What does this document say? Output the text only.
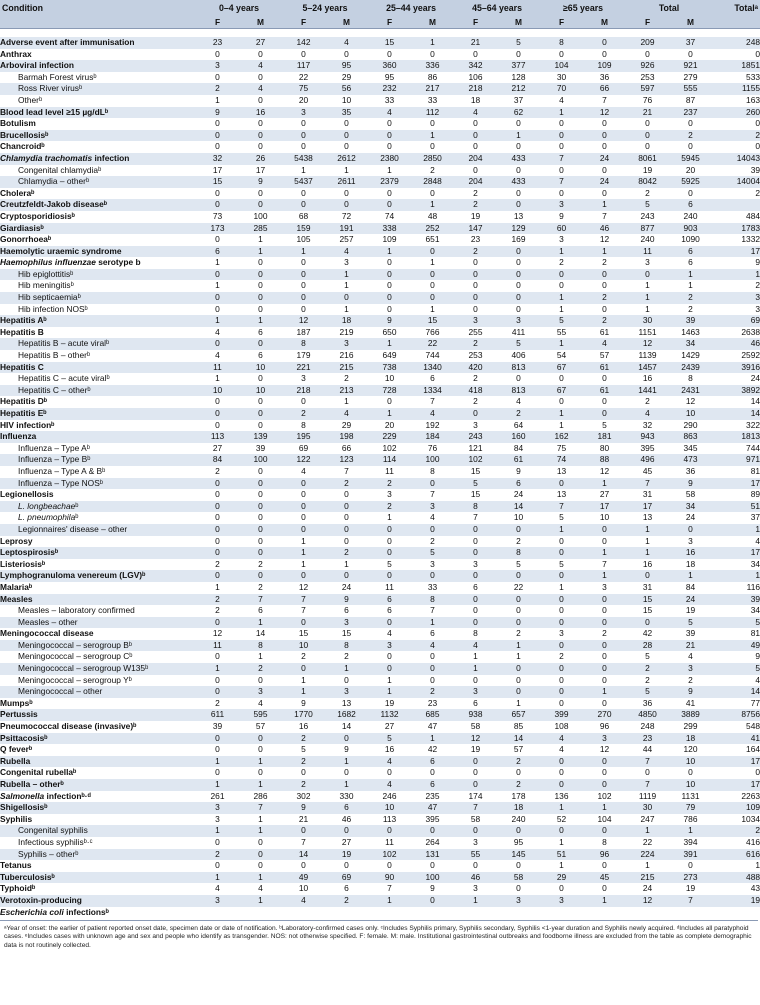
Condition	0–4 years		5–24 years		25–44 years		45–64 years		≥65 years		Total		Totalᵃ
	F	M	F	M	F	M	F	M	F	M	F	M	

Adverse event after immunisation	23	27	142	4	15	1	21	5	8	0	209	37	248
Anthrax	0	0	0	0	0	0	0	0	0	0	0	0	0
Arboviral infection	3	4	117	95	360	336	342	377	104	109	926	921	1851
Barmah Forest virusᵇ	0	0	22	29	95	86	106	128	30	36	253	279	533
Ross River virusᵇ	2	4	75	56	232	217	218	212	70	66	597	555	1155
Otherᵇ	1	0	20	10	33	33	18	37	4	7	76	87	163
Blood lead level ≥15 µg/dLᵇ	9	16	3	35	4	112	4	62	1	12	21	237	260
Botulism	0	0	0	0	0	0	0	0	0	0	0	0	0
Brucellosisᵇ	0	0	0	0	0	1	0	1	0	0	0	2	2
Chancroidᵇ	0	0	0	0	0	0	0	0	0	0	0	0	0
Chlamydia trachomatis infection	32	26	5438	2612	2380	2850	204	433	7	24	8061	5945	14043
Congenital chlamydiaᵇ	17	17	1	1	1	2	0	0	0	0	19	20	39
Chlamydia – otherᵇ	15	9	5437	2611	2379	2848	204	433	7	24	8042	5925	14004
Choleraᵇ	0	0	0	0	0	0	2	0	0	0	2	0	2
Creutzfeldt-Jakob diseaseᵇ	0	0	0	0	0	1	2	0	3	1	5	6	
Cryptosporidiosisᵇ	73	100	68	72	74	48	19	13	9	7	243	240	484
Giardiasisᵇ	173	285	159	191	338	252	147	129	60	46	877	903	1783
Gonorrhoeaᵇ	0	1	105	257	109	651	23	169	3	12	240	1090	1332
Haemolytic uraemic syndrome	6	1	1	4	1	0	2	0	1	1	11	6	17
Haemophilus influenzae serotype b	1	0	0	3	0	1	0	0	2	2	3	6	9
Hib epiglottitisᵇ	0	0	0	1	0	0	0	0	0	0	0	1	1
Hib meningitisᵇ	1	0	0	1	0	0	0	0	0	0	1	1	2
Hib septicaemiaᵇ	0	0	0	0	0	0	0	0	1	2	1	2	3
Hib infection NOSᵇ	0	0	0	1	0	1	0	0	1	0	1	2	3
Hepatitis Aᵇ	1	1	12	18	9	15	3	3	5	2	30	39	69
Hepatitis B	4	6	187	219	650	766	255	411	55	61	1151	1463	2638
Hepatitis B – acute viralᵇ	0	0	8	3	1	22	2	5	1	4	12	34	46
Hepatitis B – otherᵇ	4	6	179	216	649	744	253	406	54	57	1139	1429	2592
Hepatitis C	11	10	221	215	738	1340	420	813	67	61	1457	2439	3916
Hepatitis C – acute viralᵇ	1	0	3	2	10	6	2	0	0	0	16	8	24
Hepatitis C – otherᵇ	10	10	218	213	728	1334	418	813	67	61	1441	2431	3892
Hepatitis Dᵇ	0	0	0	1	0	7	2	4	0	0	2	12	14
Hepatitis Eᵇ	0	0	2	4	1	4	0	2	1	0	4	10	14
HIV infectionᵇ	0	0	8	29	20	192	3	64	1	5	32	290	322
Influenza	113	139	195	198	229	184	243	160	162	181	943	863	1813
Influenza – Type Aᵇ	27	39	69	66	102	76	121	84	75	80	395	345	744
Influenza – Type Bᵇ	84	100	122	123	114	100	102	61	74	88	496	473	971
Influenza – Type A & Bᵇ	2	0	4	7	11	8	15	9	13	12	45	36	81
Influenza – Type NOSᵇ	0	0	0	2	2	0	5	6	0	1	7	9	17
Legionellosis	0	0	0	0	3	7	15	24	13	27	31	58	89
L. longbeachaeᵇ	0	0	0	0	2	3	8	14	7	17	17	34	51
L. pneumophilaᵇ	0	0	0	0	1	4	7	10	5	10	13	24	37
Legionnaires' disease – other	0	0	0	0	0	0	0	0	1	0	1	0	1
Leprosy	0	0	1	0	0	2	0	2	0	0	1	3	4
Leptospirosisᵇ	0	0	1	2	0	5	0	8	0	1	1	16	17
Listeriosisᵇ	2	2	1	1	5	3	3	5	5	7	16	18	34
Lymphogranuloma venereum (LGV)ᵇ	0	0	0	0	0	0	0	0	0	1	0	1	1
Malariaᵇ	1	2	12	24	11	33	6	22	1	3	31	84	116
Measles	2	7	7	9	6	8	0	0	0	0	15	24	39
Measles – laboratory confirmed	2	6	7	6	6	7	0	0	0	0	15	19	34
Measles – other	0	1	0	3	0	1	0	0	0	0	0	5	5
Meningococcal disease	12	14	15	15	4	6	8	2	3	2	42	39	81
Meningococcal – serogroup Bᵇ	11	8	10	8	3	4	4	1	0	0	28	21	49
Meningococcal – serogroup Cᵇ	0	1	2	2	0	0	1	1	2	0	5	4	9
Meningococcal – serogroup W135ᵇ	1	2	0	1	0	0	1	0	0	0	2	3	5
Meningococcal – serogroup Yᵇ	0	0	1	0	1	0	0	0	0	0	2	2	4
Meningococcal – other	0	3	1	3	1	2	3	0	0	1	5	9	14
Mumpsᵇ	2	4	9	13	19	23	6	1	0	0	36	41	77
Pertussis	611	595	1770	1682	1132	685	938	657	399	270	4850	3889	8756
Pneumococcal disease (invasive)ᵇ	39	57	16	14	27	47	58	85	108	96	248	299	548
Psittacosisᵇ	0	0	2	0	5	1	12	14	4	3	23	18	41
Q feverᵇ	0	0	5	9	16	42	19	57	4	12	44	120	164
Rubella	1	1	2	1	4	6	0	2	0	0	7	10	17
Congenital rubellaᵇ	0	0	0	0	0	0	0	0	0	0	0	0	0
Rubella – otherᵇ	1	1	2	1	4	6	0	2	0	0	7	10	17
Salmonella infectionᵇ·ᵈ	261	286	302	330	246	235	174	178	136	102	1119	1131	2263
Shigellosisᵇ	3	7	9	6	10	47	7	18	1	1	30	79	109
Syphilis	3	1	21	46	113	395	58	240	52	104	247	786	1034
Congenital syphilis	1	1	0	0	0	0	0	0	0	0	1	1	2
Infectious syphilisᵇ·ᶜ	0	0	7	27	11	264	3	95	1	8	22	394	416
Syphilis – otherᵇ	2	0	14	19	102	131	55	145	51	96	224	391	616
Tetanus	0	0	0	0	0	0	0	0	1	0	1	0	1
Tuberculosisᵇ	1	1	49	69	90	100	46	58	29	45	215	273	488
Typhoidᵇ	4	4	10	6	7	9	3	0	0	0	24	19	43
Verotoxin-producing	3	1	4	2	1	0	1	3	3	1	12	7	19
Escherichia coli infectionsᵇ													
ᵃYear of onset: the earlier of patient reported onset date, specimen date or date of notification. ᵇLaboratory-confirmed cases only. ᶜIncludes Syphilis primary, Syphilis secondary, Syphilis <1-year duration and Syphilis newly acquired. ᵈIncludes all paratyphoid cases. ᵉIncludes cases with unknown age and sex and people who identify as transgender. NOS: not otherwise specified. F: female. M: male. Institutional gastrointestinal outbreaks and foodborne illness are excluded from the table as complete demographic data is not routinely collected.
